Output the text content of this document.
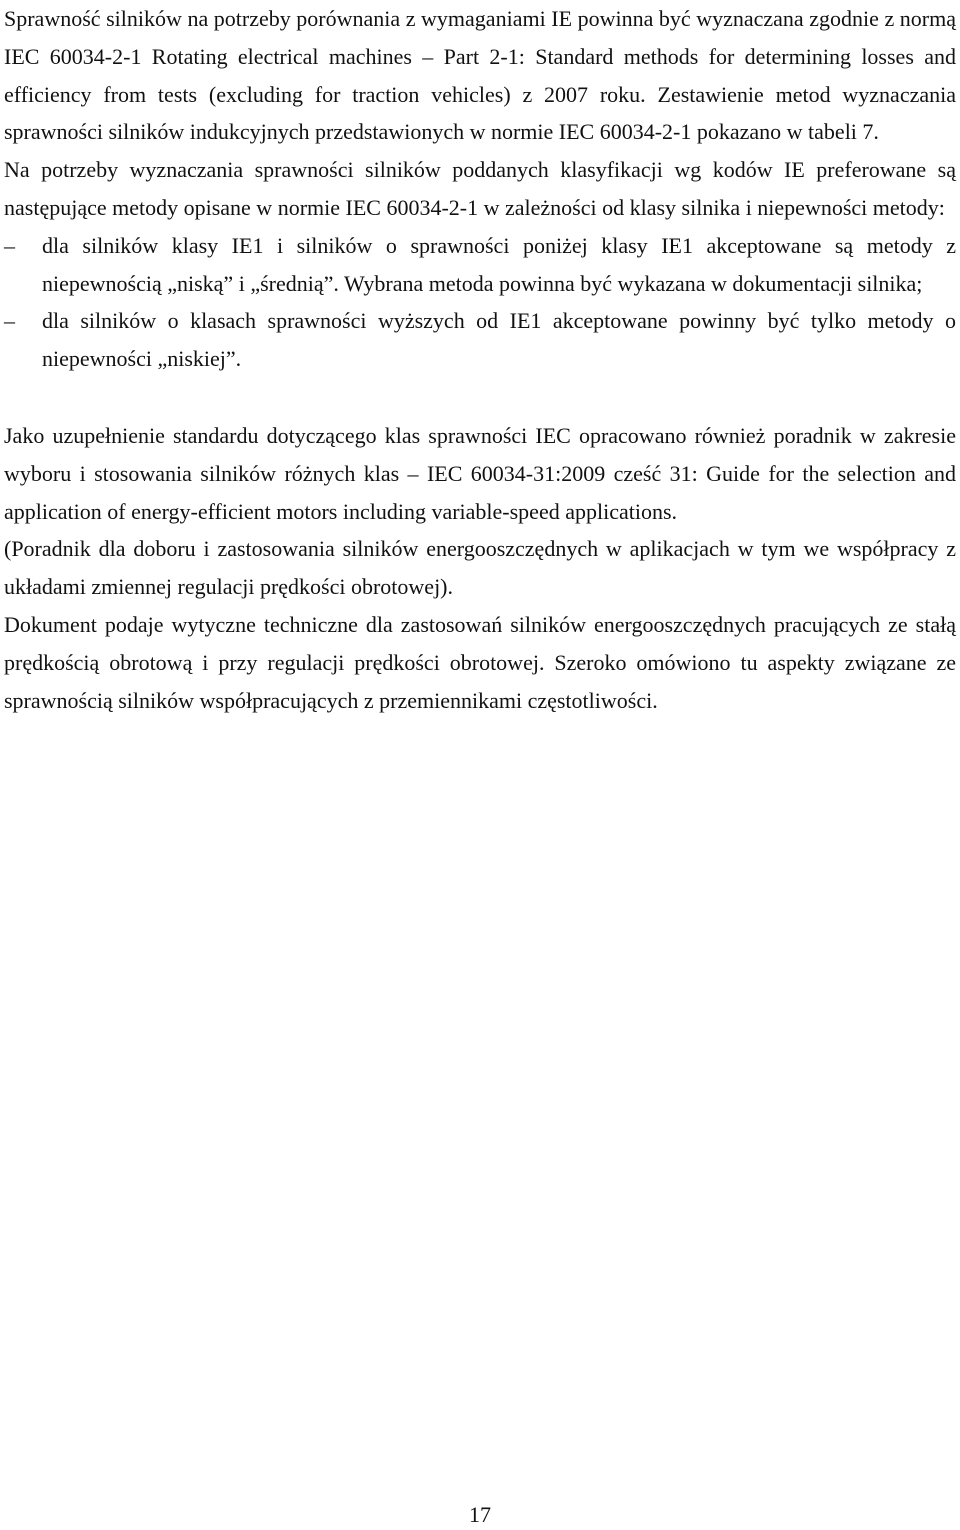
Sprawność silników na potrzeby porównania z wymaganiami IE powinna być wyznaczana zgodnie z normą IEC 60034-2-1 Rotating electrical machines – Part 2-1: Standard methods for determining losses and efficiency from tests (excluding for traction vehicles) z 2007 roku. Zestawienie metod wyznaczania sprawności silników indukcyjnych przedstawionych w normie IEC 60034-2-1 pokazano w tabeli 7.

Na potrzeby wyznaczania sprawności silników poddanych klasyfikacji wg kodów IE preferowane są następujące metody opisane w normie IEC 60034-2-1 w zależności od klasy silnika i niepewności metody:

– dla silników klasy IE1 i silników o sprawności poniżej klasy IE1 akceptowane są metody z niepewnością „niską” i „średnią”. Wybrana metoda powinna być wykazana w dokumentacji silnika;
– dla silników o klasach sprawności wyższych od IE1 akceptowane powinny być tylko metody o niepewności „niskiej”.

Jako uzupełnienie standardu dotyczącego klas sprawności IEC opracowano również poradnik w zakresie wyboru i stosowania silników różnych klas – IEC 60034-31:2009 cześć 31: Guide for the selection and application of energy-efficient motors including variable-speed applications.

(Poradnik dla doboru i zastosowania silników energooszczędnych w aplikacjach w tym we współpracy z układami zmiennej regulacji prędkości obrotowej).

Dokument podaje wytyczne techniczne dla zastosowań silników energooszczędnych pracujących ze stałą prędkością obrotową i przy regulacji prędkości obrotowej. Szeroko omówiono tu aspekty związane ze sprawnością silników współpracujących z przemiennikami częstotliwości.

17
